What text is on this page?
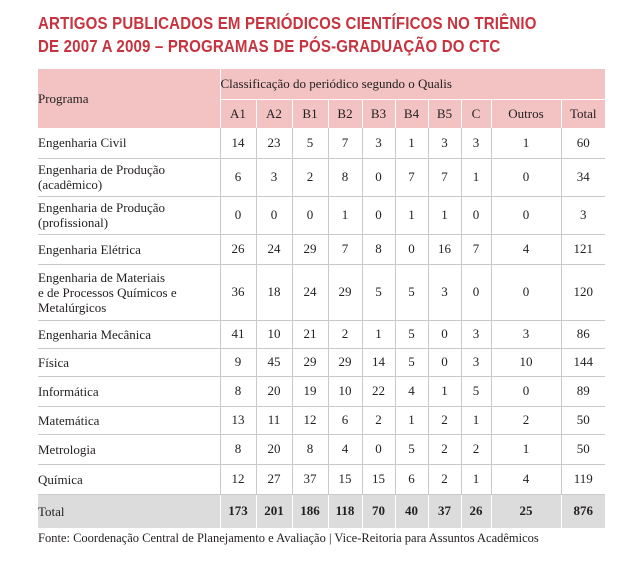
ARTIGOS PUBLICADOS EM PERIÓDICOS CIENTÍFICOS NO TRIÊNIO
DE 2007 A 2009 – PROGRAMAS DE PÓS-GRADUAÇÃO DO CTC
Programa	Classificação do periódico segundo o Qualis									
	A1	A2	B1	B2	B3	B4	B5	C	Outros	Total

Engenharia Civil	14	23	5	7	3	1	3	3	1	60

Engenharia de Produção
(acadêmico)	6	3	2	8	0	7	7	1	0	34

Engenharia de Produção
(profissional)	0	0	0	1	0	1	1	0	0	3

Engenharia Elétrica	26	24	29	7	8	0	16	7	4	121

Engenharia de Materiais
e de Processos Químicos e
Metalúrgicos	36	18	24	29	5	5	3	0	0	120

Engenharia Mecânica	41	10	21	2	1	5	0	3	3	86

Física	9	45	29	29	14	5	0	3	10	144

Informática	8	20	19	10	22	4	1	5	0	89

Matemática	13	11	12	6	2	1	2	1	2	50

Metrologia	8	20	8	4	0	5	2	2	1	50

Química	12	27	37	15	15	6	2	1	4	119
Total	173	201	186	118	70	40	37	26	25	876
Fonte: Coordenação Central de Planejamento e Avaliação | Vice-Reitoria para Assuntos Acadêmicos
